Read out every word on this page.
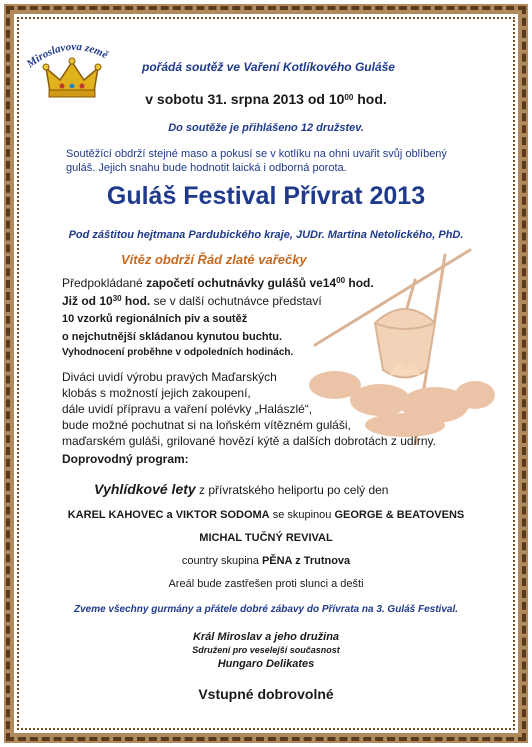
Miroslavova země
pořádá soutěž ve Vaření Kotlíkového Guláše
v sobotu 31. srpna 2013 od $10^{00}$ hod.
Do soutěže je přihlášeno 12 družstev.
Soutěžící obdrží stejné maso a pokusí se v kotlíku na ohni uvařit svůj oblíbený
guláš. Jejich snahu bude hodnotit laická i odborná porota.
Guláš Festival Přívrat 2013
Pod záštitou hejtmana Pardubického kraje, JUDr. Martina Netolického, PhD.
Vítěz obdrží Řád zlaté vařečky
Předpokládané započetí ochutnávky gulášů $ve14^{00}$ hod.
Již od $10^{30}$ hod. se v další ochutnávce představí
10 vzorků regionálních piv a soutěž
o nejchutnější skládanou kynutou buchtu.
Vyhodnocení proběhne v odpoledních hodinách.
Diváci uvidí výrobu pravých Maďarských
klobás s možností jejich zakoupení,
dále uvidí přípravu a vaření polévky „Halászlé“,
bude možné pochutnat si na loňském vítězném guláši,
maďarském guláši, grilované hovězí kýtě a dalších dobrotách z udírny.
Doprovodný program:
Vyhlídkové lety z přívratského heliportu po celý den
KAREL KAHOVEC a VIKTOR SODOMA se skupinou GEORGE & BEATOVENS
MICHAL TUČNÝ REVIVAL
country skupina PĚNA z Trutnova
Areál bude zastřešen proti slunci a dešti
Zveme všechny gurmány a přátele dobré zábavy do Přívrata na 3. Guláš Festival.
Král Miroslav a jeho družina
Sdružení pro veselejší současnost
Hungaro Delikates
Vstupné dobrovolné
